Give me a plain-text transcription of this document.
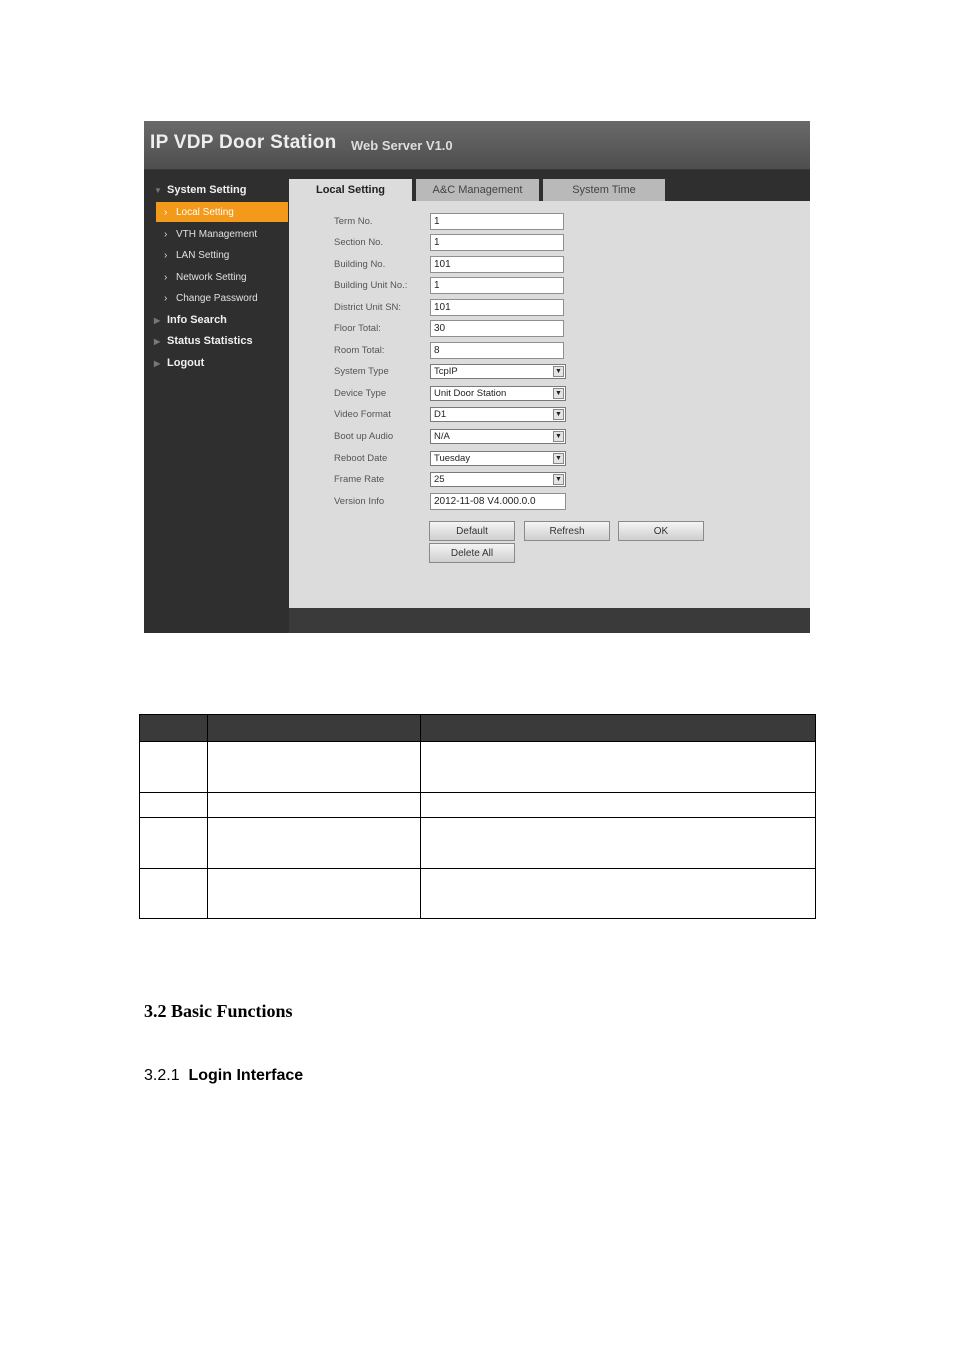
IP VDP Door Station Web Server V1.0
▼ System Setting
› Local Setting
› VTH Management
› LAN Setting
› Network Setting
› Change Password
▶ Info Search
▶ Status Statistics
▶ Logout
Local Setting	A&C Management	System Time
Term No.	1
Section No.	1
Building No.	101
Building Unit No.:	1
District Unit SN:	101
Floor Total:	30
Room Total:	8
System Type	TcpIP	▼
Device Type	Unit Door Station	▼
Video Format	D1	▼
Boot up Audio	N/A	▼
Reboot Date	Tuesday	▼
Frame Rate	25	▼
Version Info	2012-11-08 V4.000.0.0
Default	Refresh	OK
Delete All

3.2 Basic Functions
3.2.1 Login Interface
